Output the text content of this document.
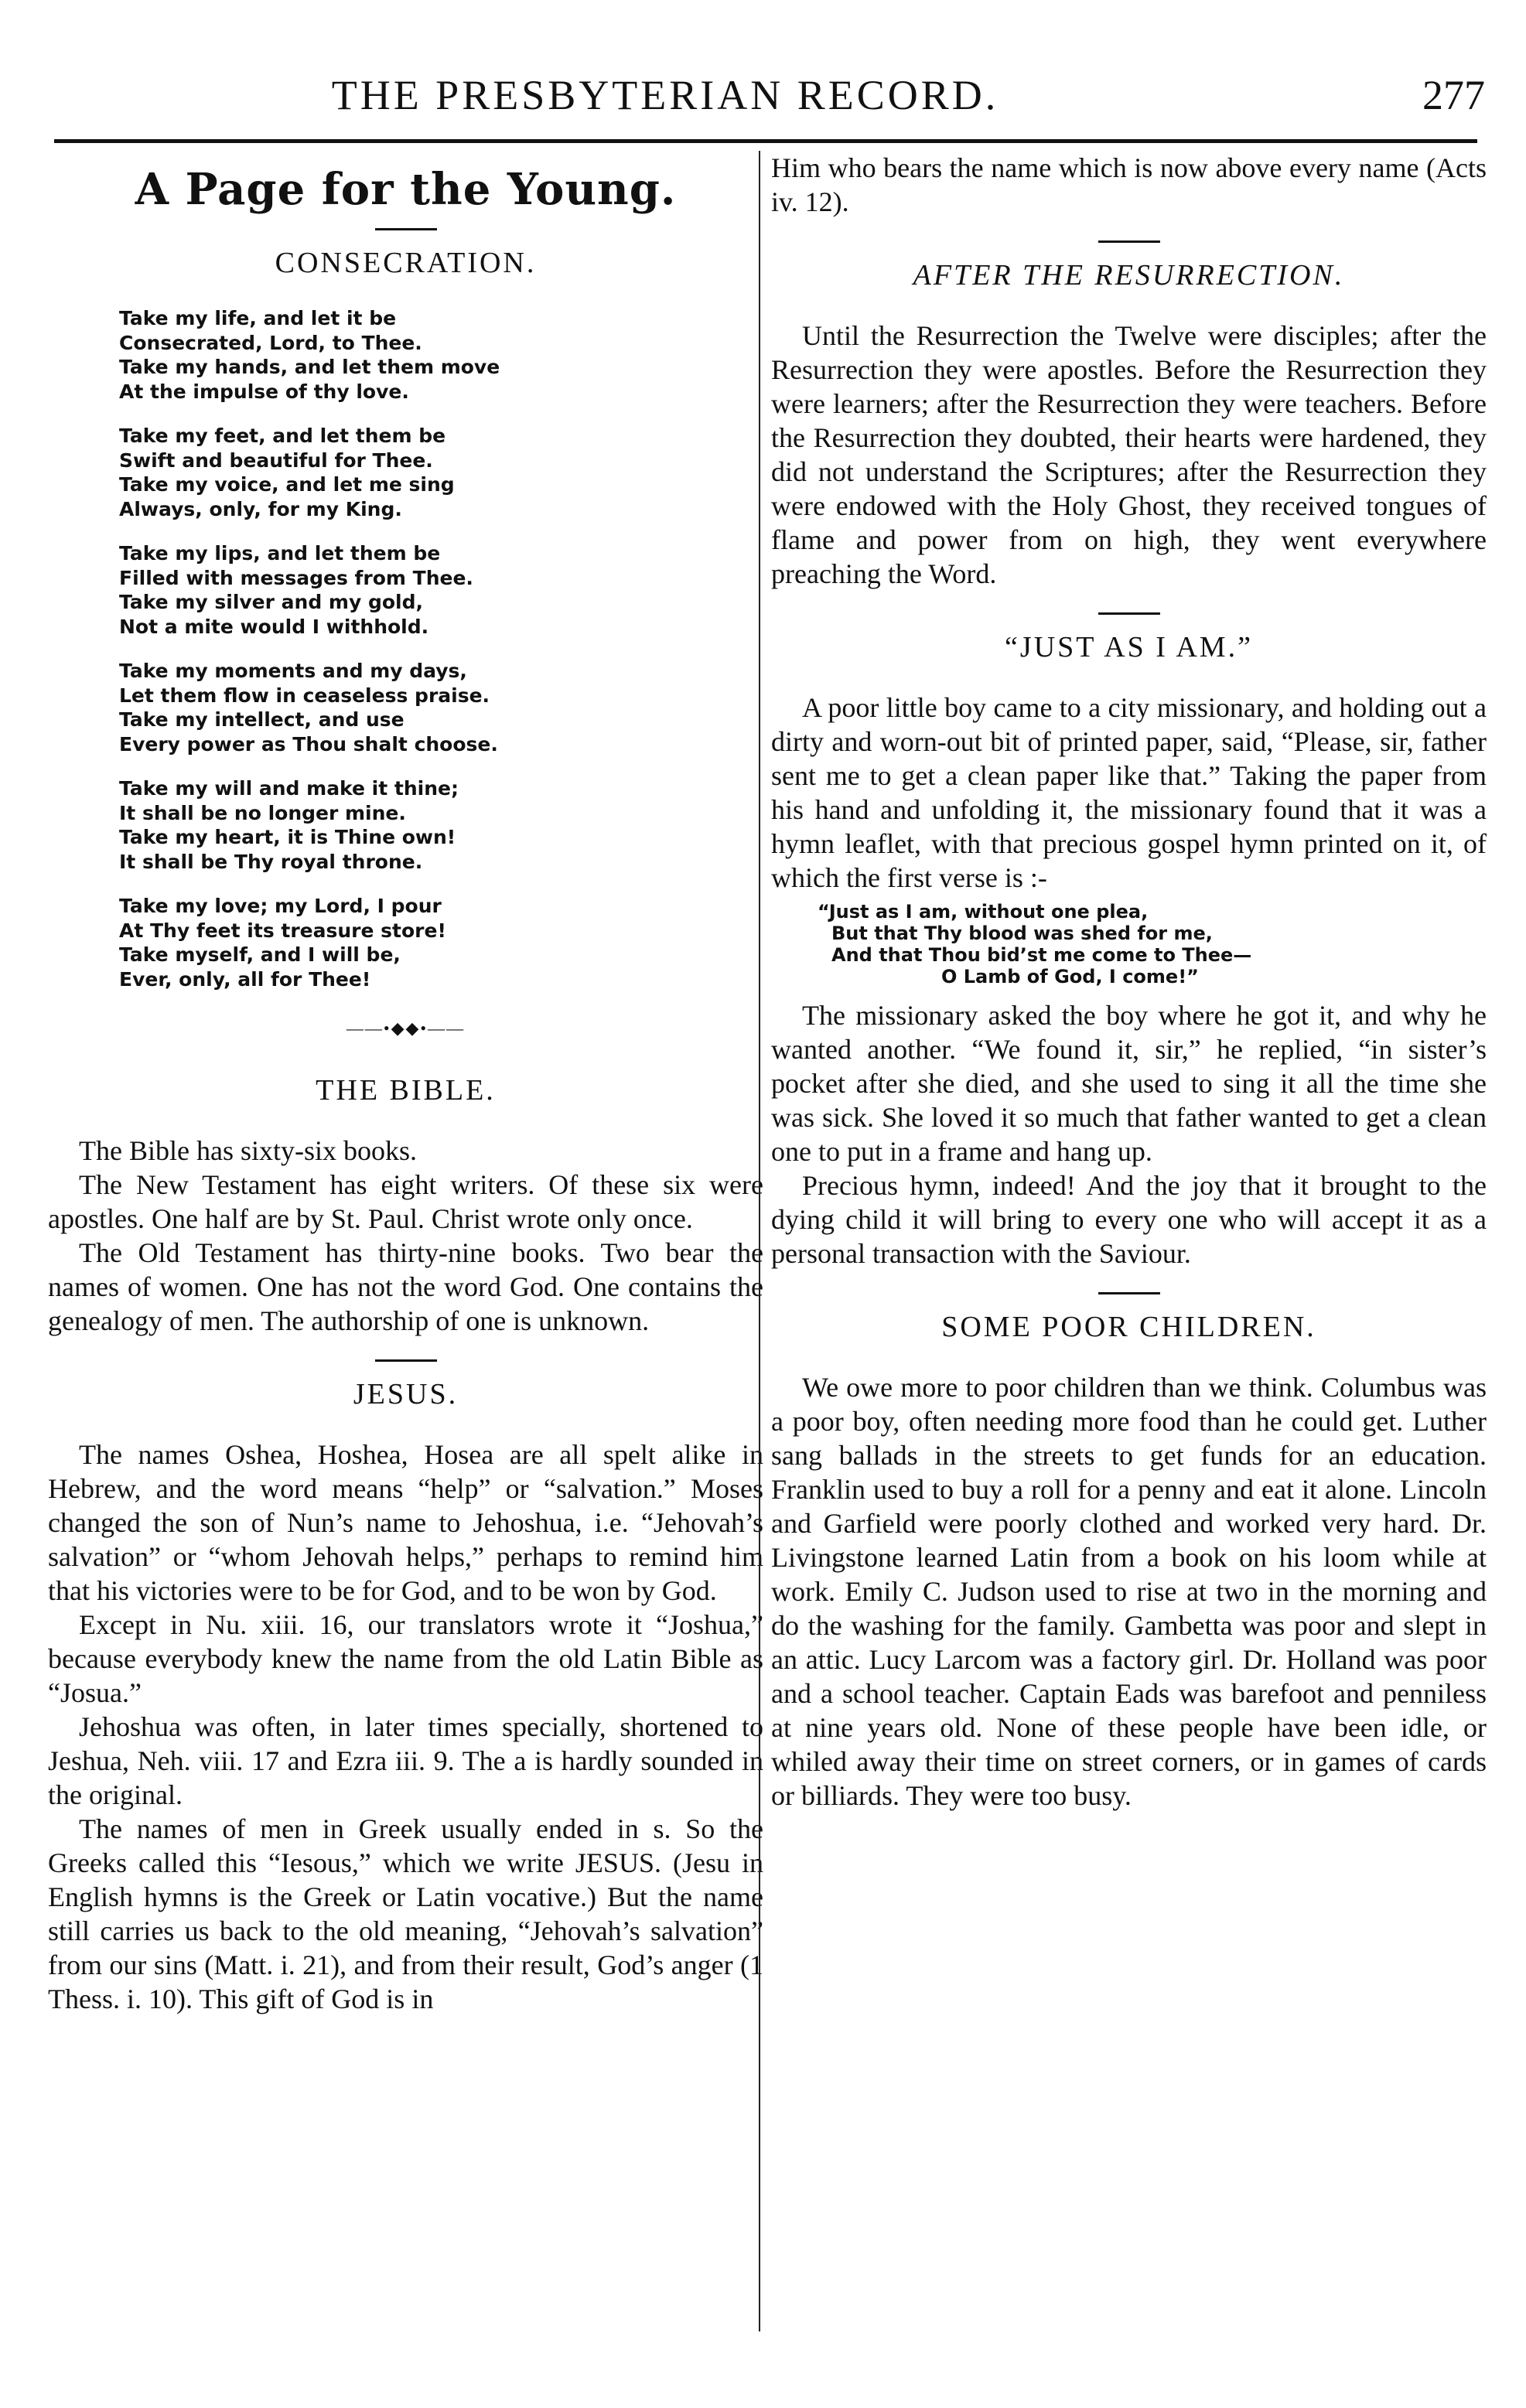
THE PRESBYTERIAN RECORD.	277
A Page for the Young.
CONSECRATION.
Take my life, and let it be
Consecrated, Lord, to Thee.
Take my hands, and let them move
At the impulse of thy love.
Take my feet, and let them be
Swift and beautiful for Thee.
Take my voice, and let me sing
Always, only, for my King.
Take my lips, and let them be
Filled with messages from Thee.
Take my silver and my gold,
Not a mite would I withhold.
Take my moments and my days,
Let them flow in ceaseless praise.
Take my intellect, and use
Every power as Thou shalt choose.
Take my will and make it thine;
It shall be no longer mine.
Take my heart, it is Thine own!
It shall be Thy royal throne.
Take my love; my Lord, I pour
At Thy feet its treasure store!
Take myself, and I will be,
Ever, only, all for Thee!
——•◆◆•——
THE BIBLE.

The Bible has sixty-six books.

The New Testament has eight writers. Of these six were apostles. One half are by St. Paul. Christ wrote only once.

The Old Testament has thirty-nine books. Two bear the names of women. One has not the word God. One contains the genealogy of men. The authorship of one is unknown.

JESUS.

The names Oshea, Hoshea, Hosea are all spelt alike in Hebrew, and the word means “help” or “salvation.” Moses changed the son of Nun’s name to Jehoshua, i.e. “Jehovah’s salvation” or “whom Jehovah helps,” perhaps to remind him that his victories were to be for God, and to be won by God.

Except in Nu. xiii. 16, our translators wrote it “Joshua,” because everybody knew the name from the old Latin Bible as “Josua.”

Jehoshua was often, in later times specially, shortened to Jeshua, Neh. viii. 17 and Ezra iii. 9. The a is hardly sounded in the original.

The names of men in Greek usually ended in s. So the Greeks called this “Iesous,” which we write JESUS. (Jesu in English hymns is the Greek or Latin vocative.) But the name still carries us back to the old meaning, “Jehovah’s salvation” from our sins (Matt. i. 21), and from their result, God’s anger (1 Thess. i. 10). This gift of God is in

Him who bears the name which is now above every name (Acts iv. 12).

AFTER THE RESURRECTION.

Until the Resurrection the Twelve were disciples; after the Resurrection they were apostles. Before the Resurrection they were learners; after the Resurrection they were teachers. Before the Resurrection they doubted, their hearts were hardened, they did not understand the Scriptures; after the Resurrection they were endowed with the Holy Ghost, they received tongues of flame and power from on high, they went everywhere preaching the Word.

“JUST AS I AM.”

A poor little boy came to a city missionary, and holding out a dirty and worn-out bit of printed paper, said, “Please, sir, father sent me to get a clean paper like that.” Taking the paper from his hand and unfolding it, the missionary found that it was a hymn leaflet, with that precious gospel hymn printed on it, of which the first verse is :-

“Just as I am, without one plea,
But that Thy blood was shed for me,
And that Thou bid’st me come to Thee—
O Lamb of God, I come!”

The missionary asked the boy where he got it, and why he wanted another. “We found it, sir,” he replied, “in sister’s pocket after she died, and she used to sing it all the time she was sick. She loved it so much that father wanted to get a clean one to put in a frame and hang up.

Precious hymn, indeed! And the joy that it brought to the dying child it will bring to every one who will accept it as a personal transaction with the Saviour.

SOME POOR CHILDREN.

We owe more to poor children than we think. Columbus was a poor boy, often needing more food than he could get. Luther sang ballads in the streets to get funds for an education. Franklin used to buy a roll for a penny and eat it alone. Lincoln and Garfield were poorly clothed and worked very hard. Dr. Livingstone learned Latin from a book on his loom while at work. Emily C. Judson used to rise at two in the morning and do the washing for the family. Gambetta was poor and slept in an attic. Lucy Larcom was a factory girl. Dr. Holland was poor and a school teacher. Captain Eads was barefoot and penniless at nine years old. None of these people have been idle, or whiled away their time on street corners, or in games of cards or billiards. They were too busy.
